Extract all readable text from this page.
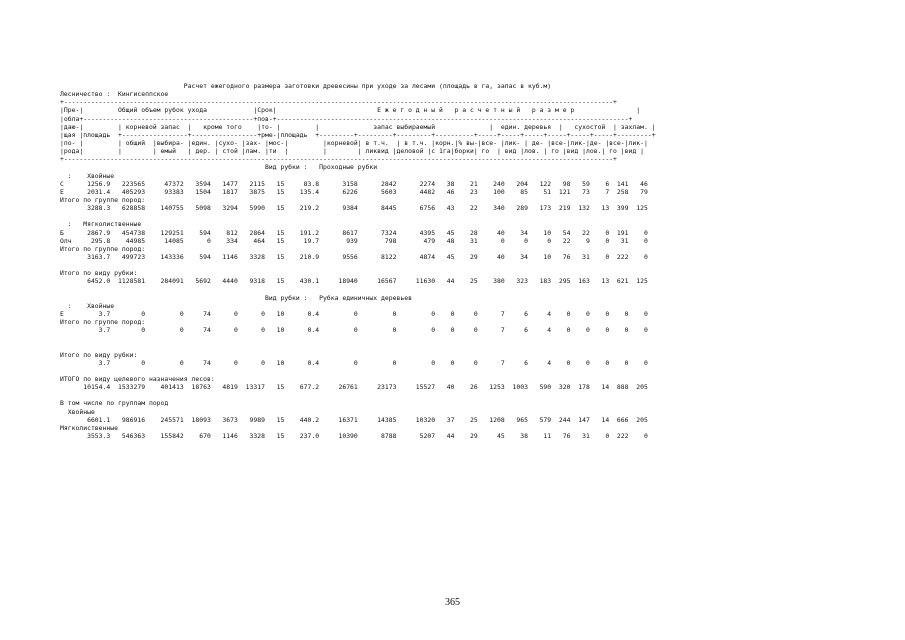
Расчет ежегодного размера заготовки древесины при уходе за лесами (площадь в га, запас в куб.м)
Лесничество :  Кингисеппское
+----------------------------------------------------------------------------------------------------------------------------------------------+
|Пре-|         Общий объем рубок ухода            |Срок|                          Е ж е г о д н ы й   р а с ч е т н ы й   р а з м е р                |
|обла+--------------------------------------------+пов-+-------------------------------------------------------------------------------------------+
|даю-|         | корневой запас  |   кроме того    |то- |         |              запас выбираемый              |  един. деревья  |   сухостой  | захлам. |
|щая |площадь  +-----------------+-----------------+рме-|площадь  +---------+---------+---------+----------+-----+-----+-----+-----+-----+-----+---------+
|по- |         | общий  |выбира- |един. |сухо- |зах- |мос-|         |корневой| в т.ч.  | в т.ч. |корн.|% вы-|все- |лик- | де- |все-|лик-|де- |все-|лик-|
|рода|         |        | емый   | дер. | стой |лам. |ти  |         |        | ликвид |деловой |с 1га|борки| го  | вид |лов. | го |вид |лов.| го |вид |
+----------------------------------------------------------------------------------------------------------------------------------------------+
Вид рубки :   Проходные рубки
:    Хвойные
С      1256.9   223565     47372   3594   1477   2115   15     83.8      3158      2842      2274   38    21    240   204   122   98   59    6  141   46
Е      2031.4   405293     93383   1504   1817   3875   15    135.4      6226      5603      4482   46    23    100    85    51  121   73    7  258   79
Итого по группе пород:
3288.3   628858    140755   5098   3294   5990   15    219.2      9384      8445      6756   43    22    340   289   173  219  132   13  399  125
:   Мягколиственные
Б      2867.9   454738    129251    594    812   2864   15    191.2      8617      7324      4395   45    28     40    34    10   54   22    0  191    0
Олч     295.8    44985     14085      0    334    464   15     19.7       939       798       479   48    31      0     0     0   22    9    0   31    0
Итого по группе пород:
3163.7   499723    143336    594   1146   3328   15    210.9      9556      8122      4874   45    29     40    34    10   76   31    0  222    0
Итого по виду рубки:
6452.0  1128581    284091   5692   4440   9318   15    430.1     18940     16567     11630   44    25    380   323   183  295  163   13  621  125
Вид рубки :   Рубка единичных деревьев
:    Хвойные
Е         3.7        0         0     74      0      0   10      0.4         0         0         0    0     0      7     6     4    0    0    0    0    0
Итого по группе пород:
3.7        0         0     74      0      0   10      0.4         0         0         0    0     0      7     6     4    0    0    0    0    0
Итого по виду рубки:
3.7        0         0     74      0      0   10      0.4         0         0         0    0     0      7     6     4    0    0    0    0    0
ИТОГО по виду целевого назначения лесов:
10154.4  1533279    401413  18763   4819  13317   15    677.2     26761     23173     15527   40    26   1253  1003   590  320  178   14  888  205
В том числе по группам пород
Хвойные
6601.1   986916    245571  18093   3673   9989   15    440.2     16371     14385     10320   37    25   1208   965   579  244  147   14  666  205
Мягколиственные
3553.3   546363    155842    670   1146   3328   15    237.0     10390      8788      5207   44    29     45    38    11   76   31    0  222    0
365
